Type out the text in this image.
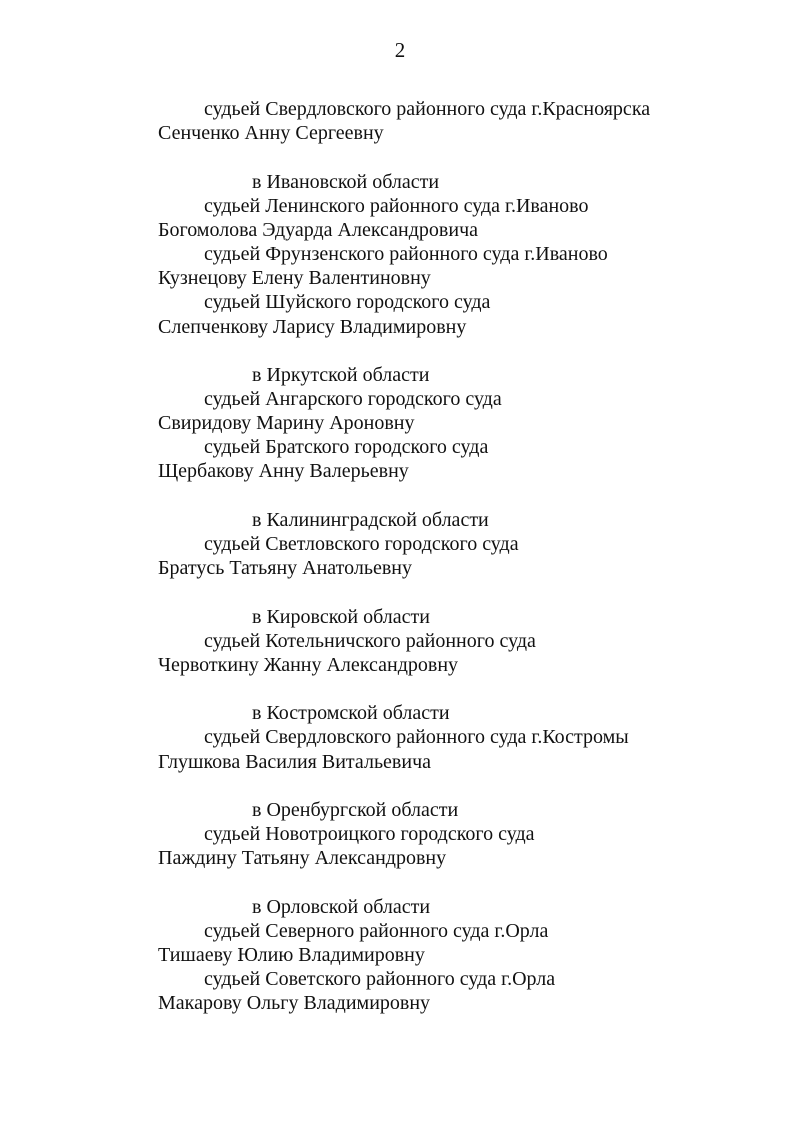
2
судьей Свердловского районного суда г.Красноярска
Сенченко Анну Сергеевну
в Ивановской области
судьей Ленинского районного суда г.Иваново
Богомолова Эдуарда Александровича
судьей Фрунзенского районного суда г.Иваново
Кузнецову Елену Валентиновну
судьей Шуйского городского суда
Слепченкову Ларису Владимировну
в Иркутской области
судьей Ангарского городского суда
Свиридову Марину Ароновну
судьей Братского городского суда
Щербакову Анну Валерьевну
в Калининградской области
судьей Светловского городского суда
Братусь Татьяну Анатольевну
в Кировской области
судьей Котельничского районного суда
Червоткину Жанну Александровну
в Костромской области
судьей Свердловского районного суда г.Костромы
Глушкова Василия Витальевича
в Оренбургской области
судьей Новотроицкого городского суда
Паждину Татьяну Александровну
в Орловской области
судьей Северного районного суда г.Орла
Тишаеву Юлию Владимировну
судьей Советского районного суда г.Орла
Макарову Ольгу Владимировну
